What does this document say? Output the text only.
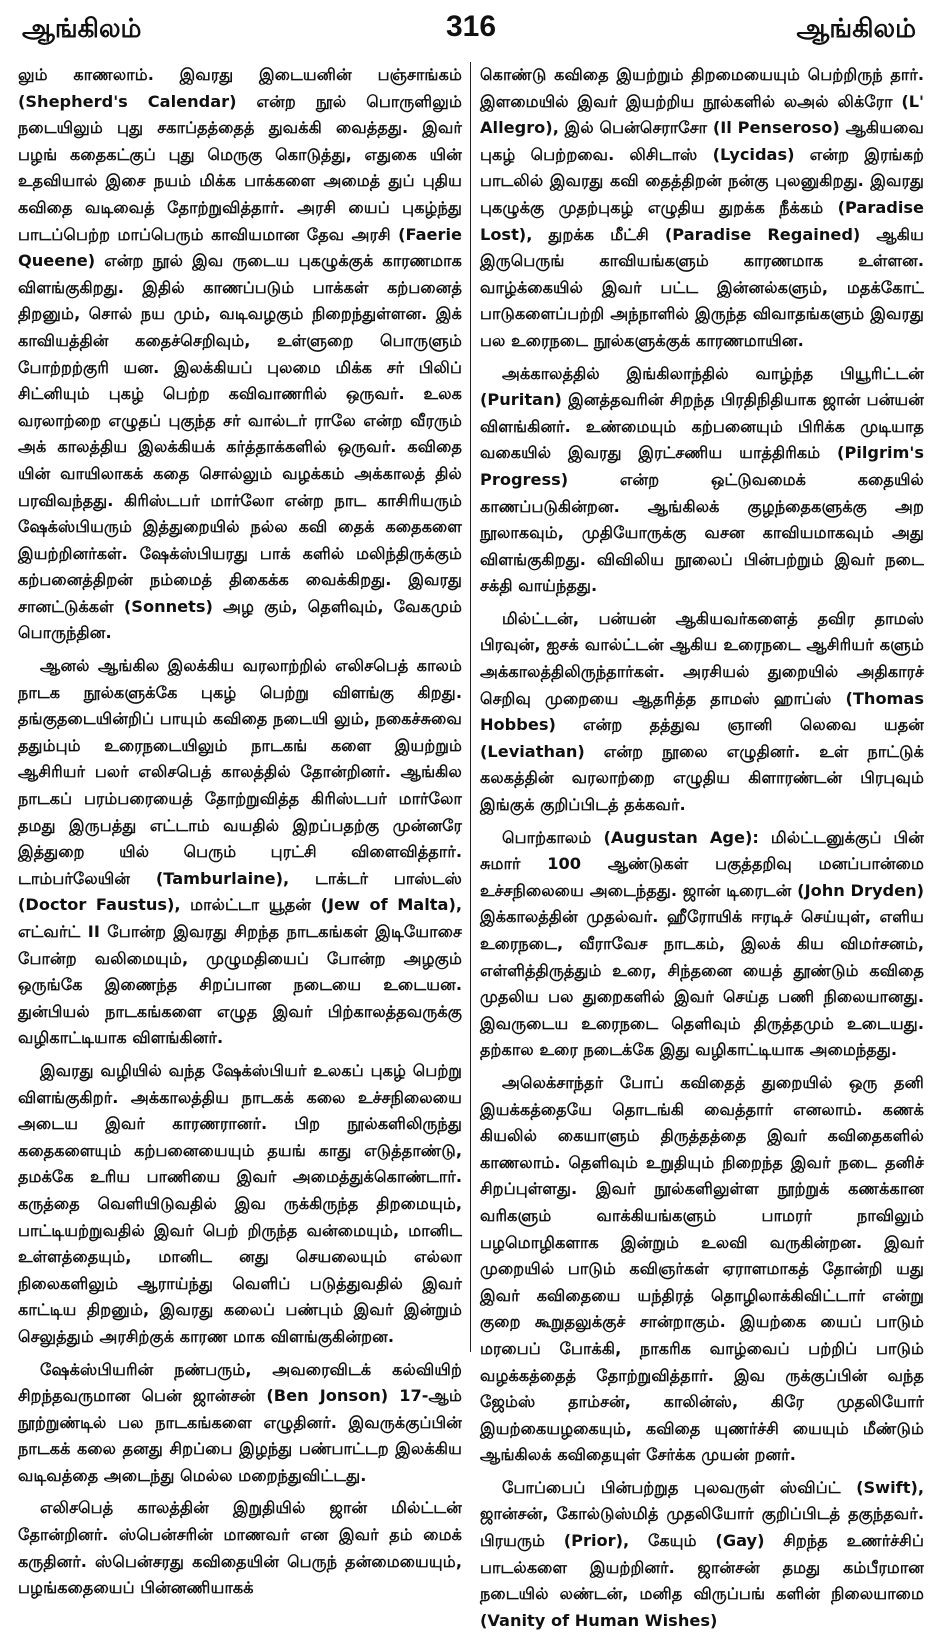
ஆங்கிலம்	316	ஆங்கிலம்

லும் காணலாம். இவரது இடையனின் பஞ்சாங்கம் (Shepherd's Calendar) என்ற நூல் பொருளிலும் நடையிலும் புது சகாப்தத்தைத் துவக்கி வைத்தது. இவர் பழங் கதைகட்குப் புது மெருகு கொடுத்து, எதுகை யின் உதவியால் இசை நயம் மிக்க பாக்களை அமைத் துப் புதிய கவிதை வடிவைத் தோற்றுவித்தார். அரசி யைப் புகழ்ந்து பாடப்பெற்ற மாப்பெரும் காவியமான தேவ அரசி (Faerie Queene) என்ற நூல் இவ ருடைய புகழுக்குக் காரணமாக விளங்குகிறது. இதில் காணப்படும் பாக்கள் கற்பனைத் திறனும், சொல் நய மும், வடிவழகும் நிறைந்துள்ளன. இக் காவியத்தின் கதைச்செறிவும், உள்ளுறை பொருளும் போற்றற்குரி யன. இலக்கியப் புலமை மிக்க சர் பிலிப் சிட்னியும் புகழ் பெற்ற கவிவாணரில் ஒருவர். உலக வரலாற்றை எழுதப் புகுந்த சர் வால்டர் ராலே என்ற வீரரும் அக் காலத்திய இலக்கியக் கர்த்தாக்களில் ஒருவர். கவிதை யின் வாயிலாகக் கதை சொல்லும் வழக்கம் அக்காலத் தில் பரவிவந்தது. கிரிஸ்டபர் மார்லோ என்ற நாட காசிரியரும் ஷேக்ஸ்பியரும் இத்துறையில் நல்ல கவி தைக் கதைகளை இயற்றினர்கள். ஷேக்ஸ்பியரது பாக் களில் மலிந்திருக்கும் கற்பனைத்திறன் நம்மைத் திகைக்க வைக்கிறது. இவரது சானட்டுக்கள் (Sonnets) அழ கும், தெளிவும், வேகமும் பொருந்தின.

ஆனல் ஆங்கில இலக்கிய வரலாற்றில் எலிசபெத் காலம் நாடக நூல்களுக்கே புகழ் பெற்று விளங்கு கிறது. தங்குதடையின்றிப் பாயும் கவிதை நடையி லும், நகைச்சுவை ததும்பும் உரைநடையிலும் நாடகங் களை இயற்றும் ஆசிரியர் பலர் எலிசபெத் காலத்தில் தோன்றினர். ஆங்கில நாடகப் பரம்பரையைத் தோற்றுவித்த கிரிஸ்டபர் மார்லோ தமது இருபத்து எட்டாம் வயதில் இறப்பதற்கு முன்னரே இத்துறை யில் பெரும் புரட்சி விளைவித்தார். டாம்பர்லேயின் (Tamburlaine), டாக்டர் பாஸ்டஸ் (Doctor Faustus), மால்ட்டா யூதன் (Jew of Malta), எட்வர்ட் II போன்ற இவரது சிறந்த நாடகங்கள் இடியோசை போன்ற வலிமையும், முழுமதியைப் போன்ற அழகும் ஒருங்கே இணைந்த சிறப்பான நடையை உடையன. துன்பியல் நாடகங்களை எழுத இவர் பிற்காலத்தவருக்கு வழிகாட்டியாக விளங்கினர்.

இவரது வழியில் வந்த ஷேக்ஸ்பியர் உலகப் புகழ் பெற்று விளங்குகிறர். அக்காலத்திய நாடகக் கலை உச்சநிலையை அடைய இவர் காரணரானர். பிற நூல்களிலிருந்து கதைகளையும் கற்பனையையும் தயங் காது எடுத்தாண்டு, தமக்கே உரிய பாணியை இவர் அமைத்துக்கொண்டார். கருத்தை வெளியிடுவதில் இவ ருக்கிருந்த திறமையும், பாட்டியற்றுவதில் இவர் பெற் றிருந்த வன்மையும், மானிட உள்ளத்தையும், மானிட னது செயலையும் எல்லா நிலைகளிலும் ஆராய்ந்து வெளிப் படுத்துவதில் இவர் காட்டிய திறனும், இவரது கலைப் பண்பும் இவர் இன்றும் செலுத்தும் அரசிற்குக் காரண மாக விளங்குகின்றன.

ஷேக்ஸ்பியரின் நண்பரும், அவரைவிடக் கல்வியிற் சிறந்தவருமான பென் ஜான்சன் (Ben Jonson) 17-ஆம் நூற்றுண்டில் பல நாடகங்களை எழுதினர். இவருக்குப்பின் நாடகக் கலை தனது சிறப்பை இழந்து பண்பாட்டற இலக்கிய வடிவத்தை அடைந்து மெல்ல மறைந்துவிட்டது.

எலிசபெத் காலத்தின் இறுதியில் ஜான் மில்ட்டன் தோன்றினர். ஸ்பென்சரின் மாணவர் என இவர் தம் மைக் கருதினர். ஸ்பென்சரது கவிதையின் பெருந் தன்மையையும், பழங்கதையைப் பின்னணியாகக்

கொண்டு கவிதை இயற்றும் திறமையையும் பெற்றிருந் தார். இளமையில் இவர் இயற்றிய நூல்களில் லஅல் லிக்ரோ (L' Allegro), இல் பென்செராசோ (Il Penseroso) ஆகியவை புகழ் பெற்றவை. லிசிடாஸ் (Lycidas) என்ற இரங்கற் பாடலில் இவரது கவி தைத்திறன் நன்கு புலனுகிறது. இவரது புகழுக்கு முதற்புகழ் எழுதிய துறக்க நீக்கம் (Paradise Lost), துறக்க மீட்சி (Paradise Regained) ஆகிய இருபெருங் காவியங்களும் காரணமாக உள்ளன. வாழ்க்கையில் இவர் பட்ட இன்னல்களும், மதக்கோட் பாடுகளைப்பற்றி அந்நாளில் இருந்த விவாதங்களும் இவரது பல உரைநடை நூல்களுக்குக் காரணமாயின.

அக்காலத்தில் இங்கிலாந்தில் வாழ்ந்த பியூரிட்டன் (Puritan) இனத்தவரின் சிறந்த பிரதிநிதியாக ஜான் பன்யன் விளங்கினர். உண்மையும் கற்பனையும் பிரிக்க முடியாத வகையில் இவரது இரட்சணிய யாத்திரிகம் (Pilgrim's Progress) என்ற ஒட்டுவமைக் கதையில் காணப்படுகின்றன. ஆங்கிலக் குழந்தைகளுக்கு அற நூலாகவும், முதியோருக்கு வசன காவியமாகவும் அது விளங்குகிறது. விவிலிய நூலைப் பின்பற்றும் இவர் நடை சக்தி வாய்ந்தது.

மில்ட்டன், பன்யன் ஆகியவர்களைத் தவிர தாமஸ் பிரவுன், ஐசக் வால்ட்டன் ஆகிய உரைநடை ஆசிரியர் களும் அக்காலத்திலிருந்தார்கள். அரசியல் துறையில் அதிகாரச் செறிவு முறையை ஆதரித்த தாமஸ் ஹாப்ஸ் (Thomas Hobbes) என்ற தத்துவ ஞானி லெவை யதன் (Leviathan) என்ற நூலை எழுதினர். உள் நாட்டுக் கலகத்தின் வரலாற்றை எழுதிய கிளாரண்டன் பிரபுவும் இங்குக் குறிப்பிடத் தக்கவர்.

பொற்காலம் (Augustan Age): மில்ட்டனுக்குப் பின் சுமார் 100 ஆண்டுகள் பகுத்தறிவு மனப்பான்மை உச்சநிலையை அடைந்தது. ஜான் டிரைடன் (John Dryden) இக்காலத்தின் முதல்வர். ஹீரோயிக் ஈரடிச் செய்யுள், எளிய உரைநடை, வீராவேச நாடகம், இலக் கிய விமர்சனம், எள்ளித்திருத்தும் உரை, சிந்தனை யைத் தூண்டும் கவிதை முதலிய பல துறைகளில் இவர் செய்த பணி நிலையானது. இவருடைய உரைநடை தெளிவும் திருத்தமும் உடையது. தற்கால உரை நடைக்கே இது வழிகாட்டியாக அமைந்தது.

அலெக்சாந்தர் போப் கவிதைத் துறையில் ஒரு தனி இயக்கத்தையே தொடங்கி வைத்தார் எனலாம். கணக் கியலில் கையாளும் திருத்தத்தை இவர் கவிதைகளில் காணலாம். தெளிவும் உறுதியும் நிறைந்த இவர் நடை தனிச் சிறப்புள்ளது. இவர் நூல்களிலுள்ள நூற்றுக் கணக்கான வரிகளும் வாக்கியங்களும் பாமரர் நாவிலும் பழமொழிகளாக இன்றும் உலவி வருகின்றன. இவர் முறையில் பாடும் கவிஞர்கள் ஏராளமாகத் தோன்றி யது இவர் கவிதையை யந்திரத் தொழிலாக்கிவிட்டார் என்று குறை கூறுதலுக்குச் சான்றாகும். இயற்கை யைப் பாடும் மரபைப் போக்கி, நாகரிக வாழ்வைப் பற்றிப் பாடும் வழக்கத்தைத் தோற்றுவித்தார். இவ ருக்குப்பின் வந்த ஜேம்ஸ் தாம்சன், காலின்ஸ், கிரே முதலியோர் இயற்கையழகையும், கவிதை யுணர்ச்சி யையும் மீண்டும் ஆங்கிலக் கவிதையுள் சேர்க்க முயன் றனர்.

போப்பைப் பின்பற்றுத புலவருள் ஸ்விப்ட் (Swift), ஜான்சன், கோல்டுஸ்மித் முதலியோர் குறிப்பிடத் தகுந்தவர். பிரயரும் (Prior), கேயும் (Gay) சிறந்த உணர்ச்சிப் பாடல்களை இயற்றினர். ஜான்சன் தமது கம்பீரமான நடையில் லண்டன், மனித விருப்பங் களின் நிலையாமை (Vanity of Human Wishes)
